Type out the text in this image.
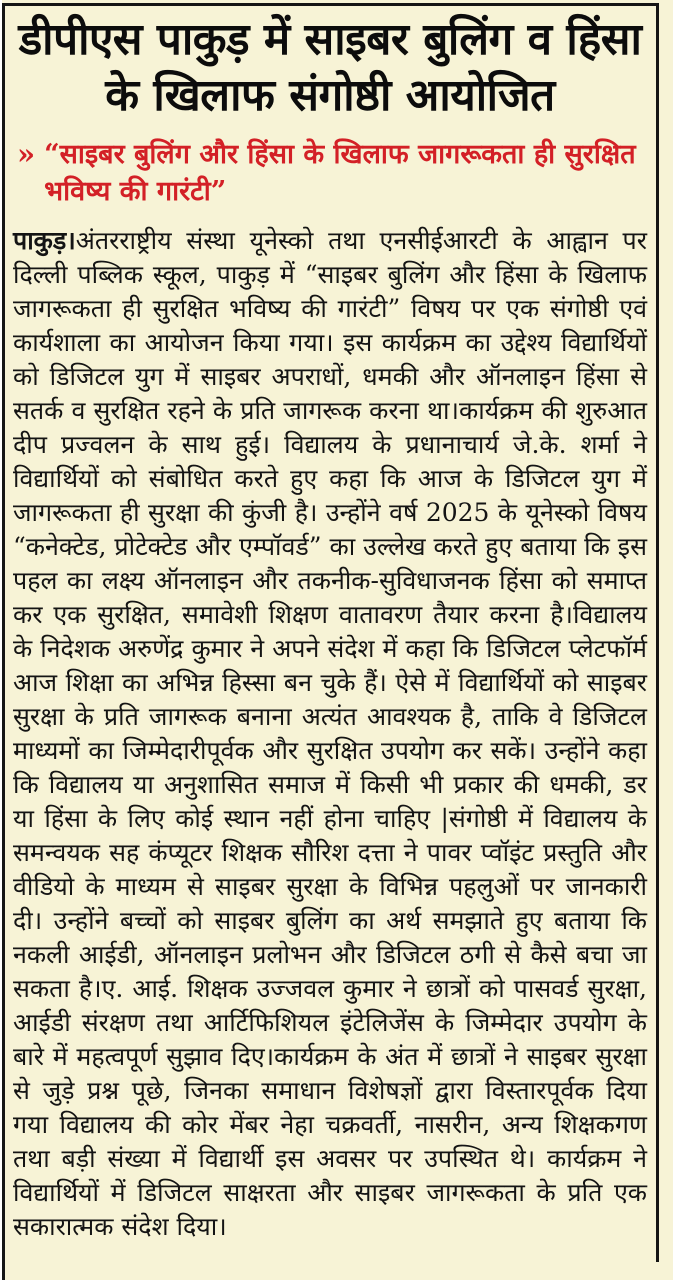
डीपीएस पाकुड़ में साइबर बुलिंग व हिंसा के खिलाफ संगोष्ठी आयोजित
» “साइबर बुलिंग और हिंसा के खिलाफ जागरूकता ही सुरक्षित भविष्य की गारंटी”

पाकुड़।अंतरराष्ट्रीय संस्था यूनेस्को तथा एनसीईआरटी के आह्वान पर दिल्ली पब्लिक स्कूल, पाकुड़ में “साइबर बुलिंग और हिंसा के खिलाफ जागरूकता ही सुरक्षित भविष्य की गारंटी” विषय पर एक संगोष्ठी एवं कार्यशाला का आयोजन किया गया। इस कार्यक्रम का उद्देश्य विद्यार्थियों को डिजिटल युग में साइबर अपराधों, धमकी और ऑनलाइन हिंसा से सतर्क व सुरक्षित रहने के प्रति जागरूक करना था।कार्यक्रम की शुरुआत दीप प्रज्वलन के साथ हुई। विद्यालय के प्रधानाचार्य जे.के. शर्मा ने विद्यार्थियों को संबोधित करते हुए कहा कि आज के डिजिटल युग में जागरूकता ही सुरक्षा की कुंजी है। उन्होंने वर्ष 2025 के यूनेस्को विषय “कनेक्टेड, प्रोटेक्टेड और एम्पॉवर्ड” का उल्लेख करते हुए बताया कि इस पहल का लक्ष्य ऑनलाइन और तकनीक-सुविधाजनक हिंसा को समाप्त कर एक सुरक्षित, समावेशी शिक्षण वातावरण तैयार करना है।विद्यालय के निदेशक अरुणेंद्र कुमार ने अपने संदेश में कहा कि डिजिटल प्लेटफॉर्म आज शिक्षा का अभिन्न हिस्सा बन चुके हैं। ऐसे में विद्यार्थियों को साइबर सुरक्षा के प्रति जागरूक बनाना अत्यंत आवश्यक है, ताकि वे डिजिटल माध्यमों का जिम्मेदारीपूर्वक और सुरक्षित उपयोग कर सकें। उन्होंने कहा कि विद्यालय या अनुशासित समाज में किसी भी प्रकार की धमकी, डर या हिंसा के लिए कोई स्थान नहीं होना चाहिए |संगोष्ठी में विद्यालय के समन्वयक सह कंप्यूटर शिक्षक सौरिश दत्ता ने पावर प्वॉइंट प्रस्तुति और वीडियो के माध्यम से साइबर सुरक्षा के विभिन्न पहलुओं पर जानकारी दी। उन्होंने बच्चों को साइबर बुलिंग का अर्थ समझाते हुए बताया कि नकली आईडी, ऑनलाइन प्रलोभन और डिजिटल ठगी से कैसे बचा जा सकता है।ए. आई. शिक्षक उज्जवल कुमार ने छात्रों को पासवर्ड सुरक्षा, आईडी संरक्षण तथा आर्टिफिशियल इंटेलिजेंस के जिम्मेदार उपयोग के बारे में महत्वपूर्ण सुझाव दिए।कार्यक्रम के अंत में छात्रों ने साइबर सुरक्षा से जुड़े प्रश्न पूछे, जिनका समाधान विशेषज्ञों द्वारा विस्तारपूर्वक दिया गया विद्यालय की कोर मेंबर नेहा चक्रवर्ती, नासरीन, अन्य शिक्षकगण तथा बड़ी संख्या में विद्यार्थी इस अवसर पर उपस्थित थे। कार्यक्रम ने विद्यार्थियों में डिजिटल साक्षरता और साइबर जागरूकता के प्रति एक सकारात्मक संदेश दिया।
